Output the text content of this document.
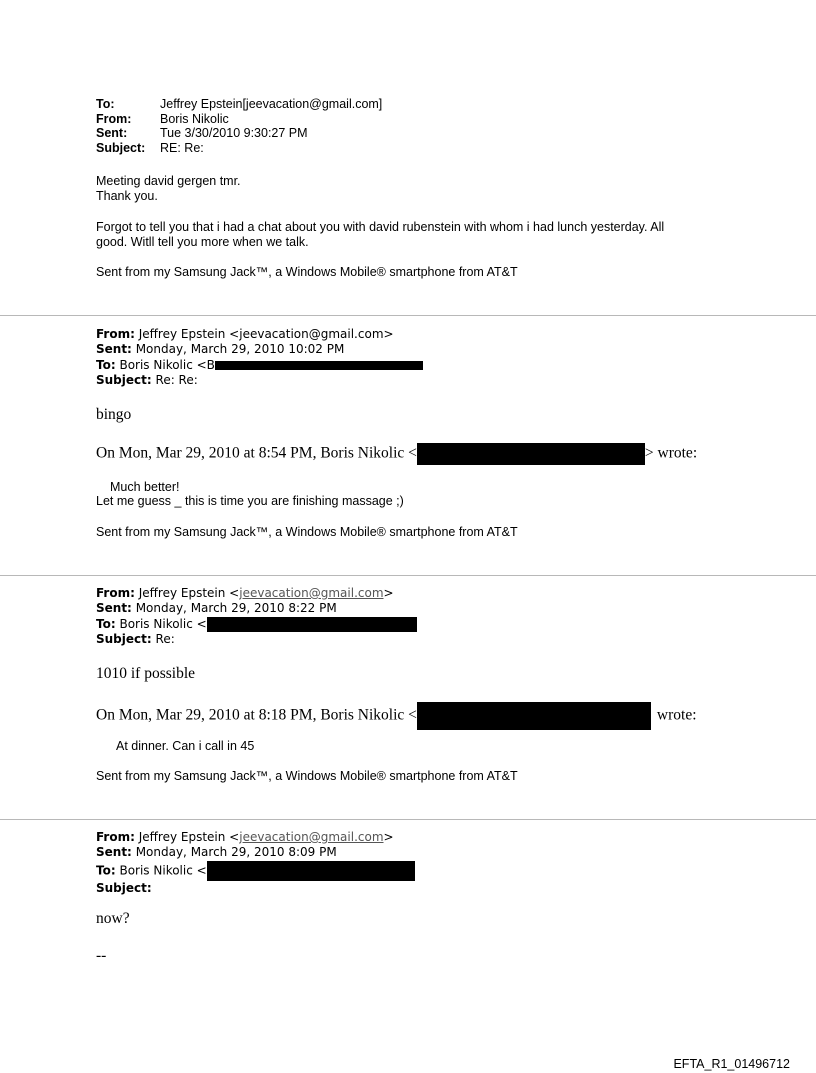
To:	Jeffrey Epstein[jeevacation@gmail.com]
From:	Boris Nikolic
Sent:	Tue 3/30/2010 9:30:27 PM
Subject:	RE: Re:
Meeting david gergen tmr.
Thank you.
Forgot to tell you that i had a chat about you with david rubenstein with whom i had lunch yesterday. All
good. Witll tell you more when we talk.
Sent from my Samsung Jack™, a Windows Mobile® smartphone from AT&T
From: Jeffrey Epstein <jeevacation@gmail.com>
Sent: Monday, March 29, 2010 10:02 PM
To: Boris Nikolic <B
Subject: Re: Re:
bingo
On Mon, Mar 29, 2010 at 8:54 PM, Boris Nikolic <	> wrote:
Much better!
Let me guess _ this is time you are finishing massage ;)
Sent from my Samsung Jack™, a Windows Mobile® smartphone from AT&T
From: Jeffrey Epstein <jeevacation@gmail.com>
Sent: Monday, March 29, 2010 8:22 PM
To: Boris Nikolic <
Subject: Re:
1010 if possible
On Mon, Mar 29, 2010 at 8:18 PM, Boris Nikolic <	wrote:
At dinner. Can i call in 45
Sent from my Samsung Jack™, a Windows Mobile® smartphone from AT&T
From: Jeffrey Epstein <jeevacation@gmail.com>
Sent: Monday, March 29, 2010 8:09 PM
To: Boris Nikolic <
Subject:
now?
--
EFTA_R1_01496712
